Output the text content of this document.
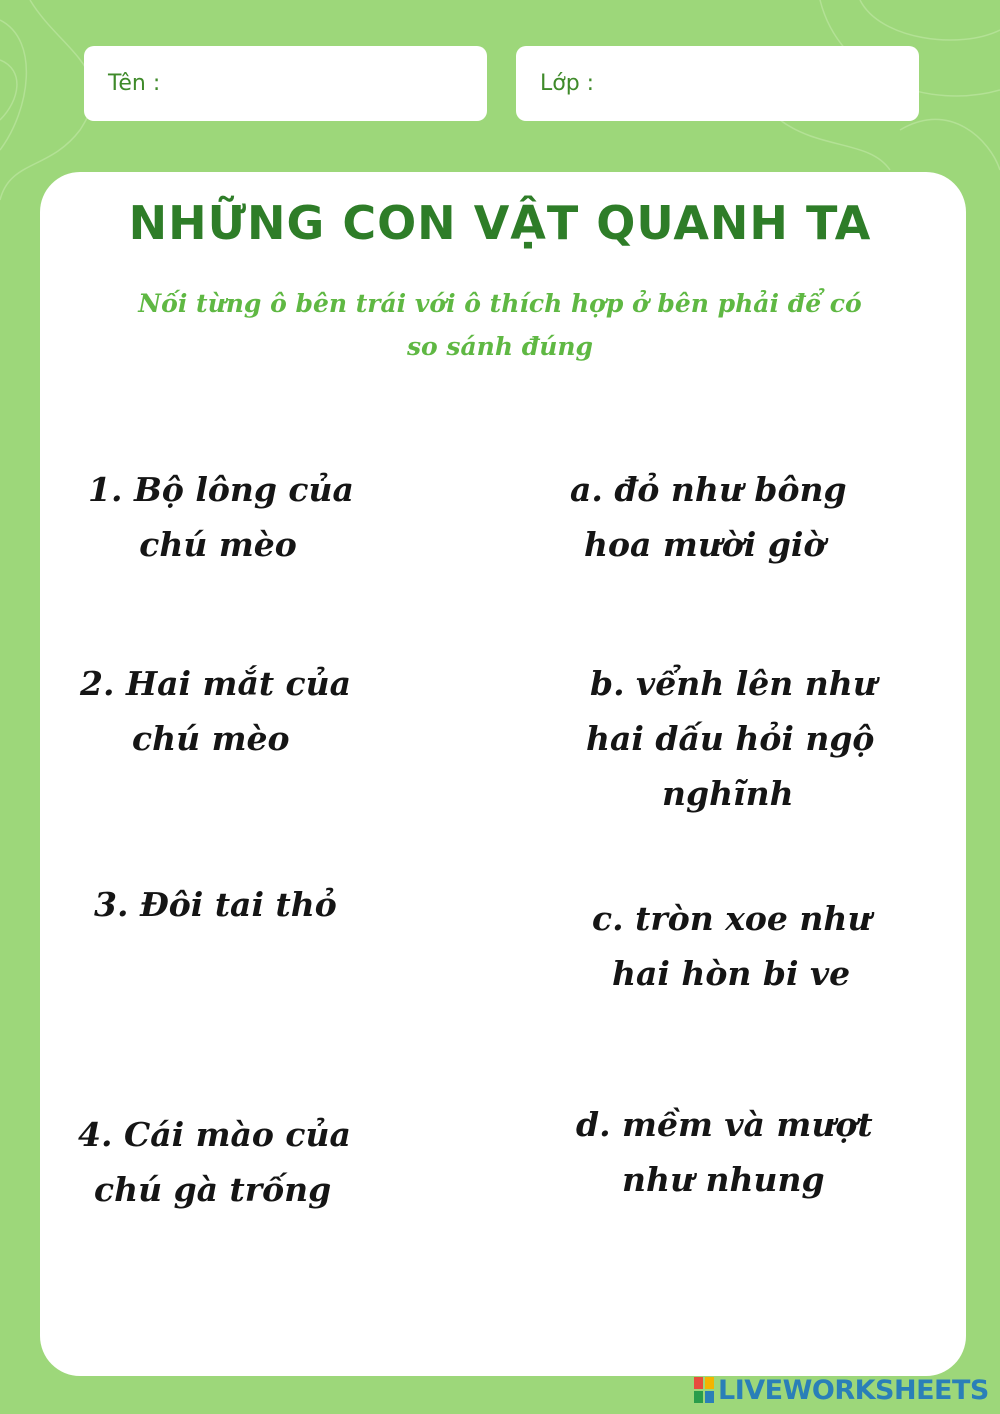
Tên :	Lớp :
NHỮNG CON VẬT QUANH TA
Nối từng ô bên trái với ô thích hợp ở bên phải để có
so sánh đúng
1. Bộ lông của
chú mèo
2. Hai mắt của
chú mèo
3. Đôi tai thỏ
4. Cái mào của
chú gà trống
a. đỏ như bông
hoa mười giờ
b. vểnh lên như
hai dấu hỏi ngộ
nghĩnh
c. tròn xoe như
hai hòn bi ve
d. mềm và mượt
như nhung
LIVEWORKSHEETS
